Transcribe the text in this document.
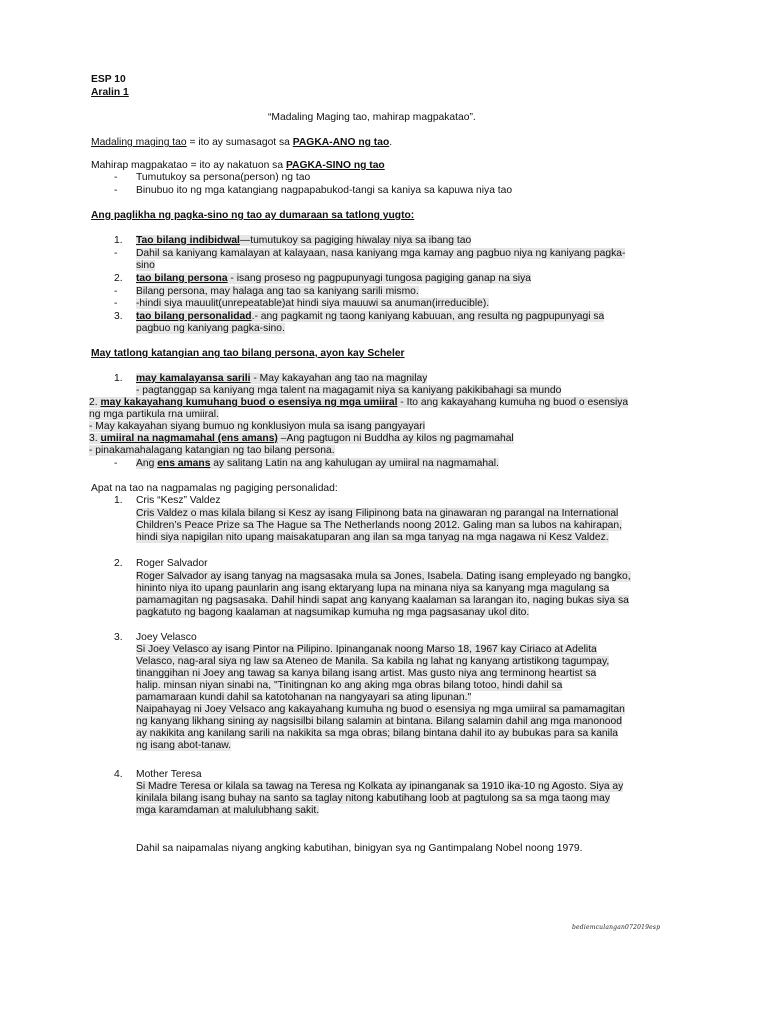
ESP 10
Aralin 1
“Madaling Maging tao, mahirap magpakatao”.
Madaling maging tao = ito ay sumasagot sa PAGKA-ANO ng tao.
Mahirap magpakatao = ito ay nakatuon sa PAGKA-SINO ng tao
- Tumutukoy sa persona(person) ng tao
- Binubuo ito ng mga katangiang nagpapabukod-tangi sa kaniya sa kapuwa niya tao
Ang paglikha ng pagka-sino ng tao ay dumaraan sa tatlong yugto:
1. Tao bilang indibidwal—tumutukoy sa pagiging hiwalay niya sa ibang tao
- Dahil sa kaniyang kamalayan at kalayaan, nasa kaniyang mga kamay ang pagbuo niya ng kaniyang pagka-
sino
2. tao bilang persona - isang proseso ng pagpupunyagi tungosa pagiging ganap na siya
- Bilang persona, may halaga ang tao sa kaniyang sarili mismo.
- -hindi siya mauulit(unrepeatable)at hindi siya mauuwi sa anuman(irreducible).
3. tao bilang personalidad.- ang pagkamit ng taong kaniyang kabuuan, ang resulta ng pagpupunyagi sa
pagbuo ng kaniyang pagka-sino.
May tatlong katangian ang tao bilang persona, ayon kay Scheler
1. may kamalayansa sarili - May kakayahan ang tao na magnilay
- pagtanggap sa kaniyang mga talent na magagamit niya sa kaniyang pakikibahagi sa mundo
2. may kakayahang kumuhang buod o esensiya ng mga umiiral - Ito ang kakayahang kumuha ng buod o esensiya
ng mga partikula rna umiiral.
- May kakayahan siyang bumuo ng konklusiyon mula sa isang pangyayari
3. umiiral na nagmamahal (ens amans) –Ang pagtugon ni Buddha ay kilos ng pagmamahal
- pinakamahalagang katangian ng tao bilang persona.
- Ang ens amans ay salitang Latin na ang kahulugan ay umiiral na nagmamahal.
Apat na tao na nagpamalas ng pagiging personalidad:
1. Cris “Kesz” Valdez
Cris Valdez o mas kilala bilang si Kesz ay isang Filipinong bata na ginawaran ng parangal na International
Children’s Peace Prize sa The Hague sa The Netherlands noong 2012. Galing man sa lubos na kahirapan,
hindi siya napigilan nito upang maisakatuparan ang ilan sa mga tanyag na mga nagawa ni Kesz Valdez.
2. Roger Salvador
Roger Salvador ay isang tanyag na magsasaka mula sa Jones, Isabela. Dating isang empleyado ng bangko,
hininto niya ito upang paunlarin ang isang ektaryang lupa na minana niya sa kanyang mga magulang sa
pamamagitan ng pagsasaka. Dahil hindi sapat ang kanyang kaalaman sa larangan ito, naging bukas siya sa
pagkatuto ng bagong kaalaman at nagsumikap kumuha ng mga pagsasanay ukol dito.
3. Joey Velasco
Si Joey Velasco ay isang Pintor na Pilipino. Ipinanganak noong Marso 18, 1967 kay Ciriaco at Adelita
Velasco, nag-aral siya ng law sa Ateneo de Manila. Sa kabila ng lahat ng kanyang artistikong tagumpay,
tinanggihan ni Joey ang tawag sa kanya bilang isang artist. Mas gusto niya ang terminong heartist sa
halip. minsan niyan sinabi na, "Tinitingnan ko ang aking mga obras bilang totoo, hindi dahil sa
pamamaraan kundi dahil sa katotohanan na nangyayari sa ating lipunan."
Naipahayag ni Joey Velsaco ang kakayahang kumuha ng buod o esensiya ng mga umiiral sa pamamagitan
ng kanyang likhang sining ay nagsisilbi bilang salamin at bintana. Bilang salamin dahil ang mga manonood
ay nakikita ang kanilang sarili na nakikita sa mga obras; bilang bintana dahil ito ay bubukas para sa kanila
ng isang abot-tanaw.
4. Mother Teresa
Si Madre Teresa or kilala sa tawag na Teresa ng Kolkata ay ipinanganak sa 1910 ika-10 ng Agosto. Siya ay
kinilala bilang isang buhay na santo sa taglay nitong kabutihang loob at pagtulong sa sa mga taong may
mga karamdaman at malulubhang sakit.
Dahil sa naipamalas niyang angking kabutihan, binigyan sya ng Gantimpalang Nobel noong 1979.
bediemculangan072019esp
